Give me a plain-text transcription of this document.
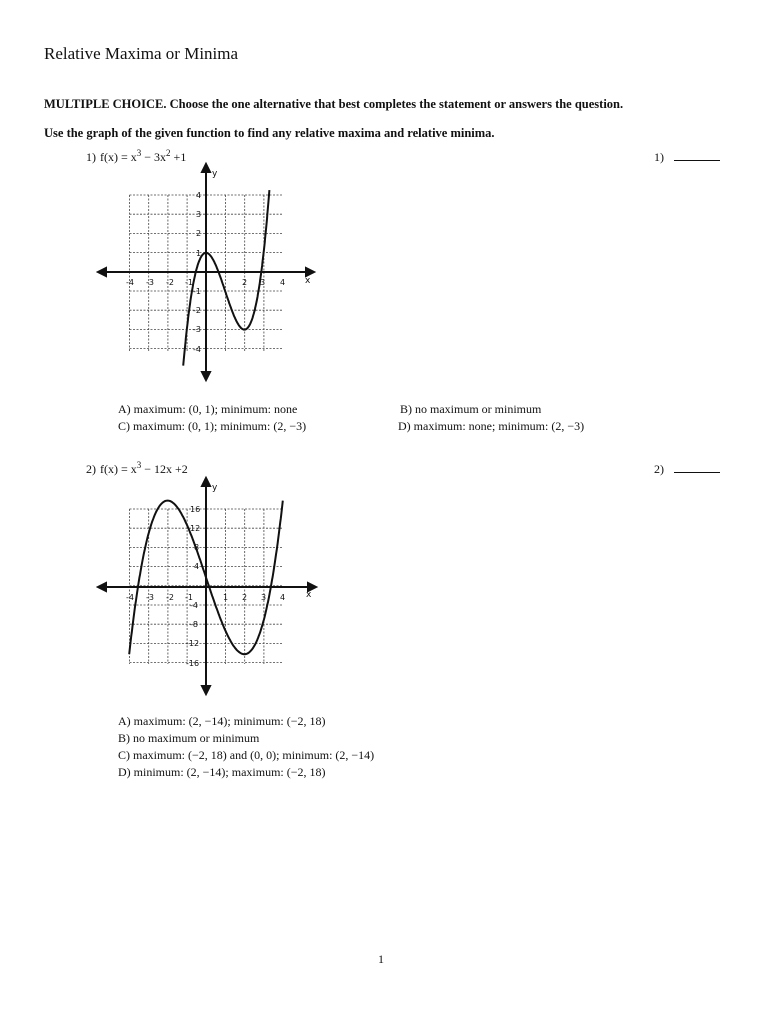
Relative Maxima or Minima
MULTIPLE CHOICE. Choose the one alternative that best completes the statement or answers the question.
Use the graph of the given function to find any relative maxima and relative minima.
1) $f(x) = x^3 - 3x^2 +1$	1)
-4 -3 -2 -1	2 3 4
4
3
2
1
-1
-2
-3
-4
x
y
A) maximum: (0, 1); minimum: none	B) no maximum or minimum
C) maximum: (0, 1); minimum: (2, −3)	D) maximum: none; minimum: (2, −3)
2) $f(x) = x^3 - 12x +2$	2)
-4 -3 -2 -1	1 2 3 4
16
12
8
4
-4
-8
-12
-16
x
y
A) maximum: (2, −14); minimum: (−2, 18)
B) no maximum or minimum
C) maximum: (−2, 18) and (0, 0); minimum: (2, −14)
D) minimum: (2, −14); maximum: (−2, 18)
1
